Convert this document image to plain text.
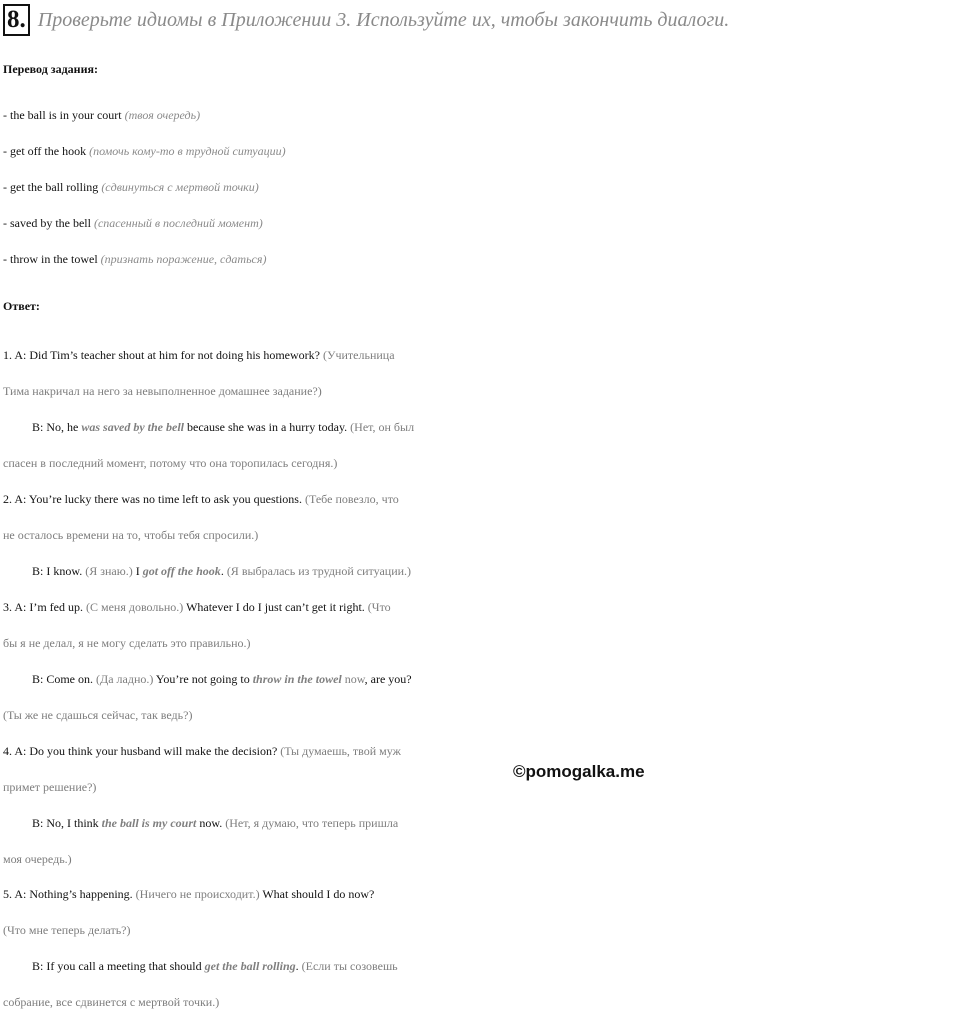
8. Проверьте идиомы в Приложении 3. Используйте их, чтобы закончить диалоги.
Перевод задания:
- the ball is in your court (твоя очередь)
- get off the hook (помочь кому-то в трудной ситуации)
- get the ball rolling (сдвинуться с мертвой точки)
- saved by the bell (спасенный в последний момент)
- throw in the towel (признать поражение, сдаться)
Ответ:
1. A: Did Tim’s teacher shout at him for not doing his homework? (Учительница
Тима накричал на него за невыполненное домашнее задание?)
B: No, he was saved by the bell because she was in a hurry today. (Нет, он был
спасен в последний момент, потому что она торопилась сегодня.)
2. A: You’re lucky there was no time left to ask you questions. (Тебе повезло, что
не осталось времени на то, чтобы тебя спросили.)
B: I know. (Я знаю.) I got off the hook. (Я выбралась из трудной ситуации.)
3. A: I’m fed up. (С меня довольно.) Whatever I do I just can’t get it right. (Что
бы я не делал, я не могу сделать это правильно.)
B: Come on. (Да ладно.) You’re not going to throw in the towel now, are you?
(Ты же не сдашься сейчас, так ведь?)
4. A: Do you think your husband will make the decision? (Ты думаешь, твой муж
примет решение?)
B: No, I think the ball is my court now. (Нет, я думаю, что теперь пришла
моя очередь.)
5. A: Nothing’s happening. (Ничего не происходит.) What should I do now?
(Что мне теперь делать?)
B: If you call a meeting that should get the ball rolling. (Если ты созовешь
собрание, все сдвинется с мертвой точки.)
©pomogalka.me
